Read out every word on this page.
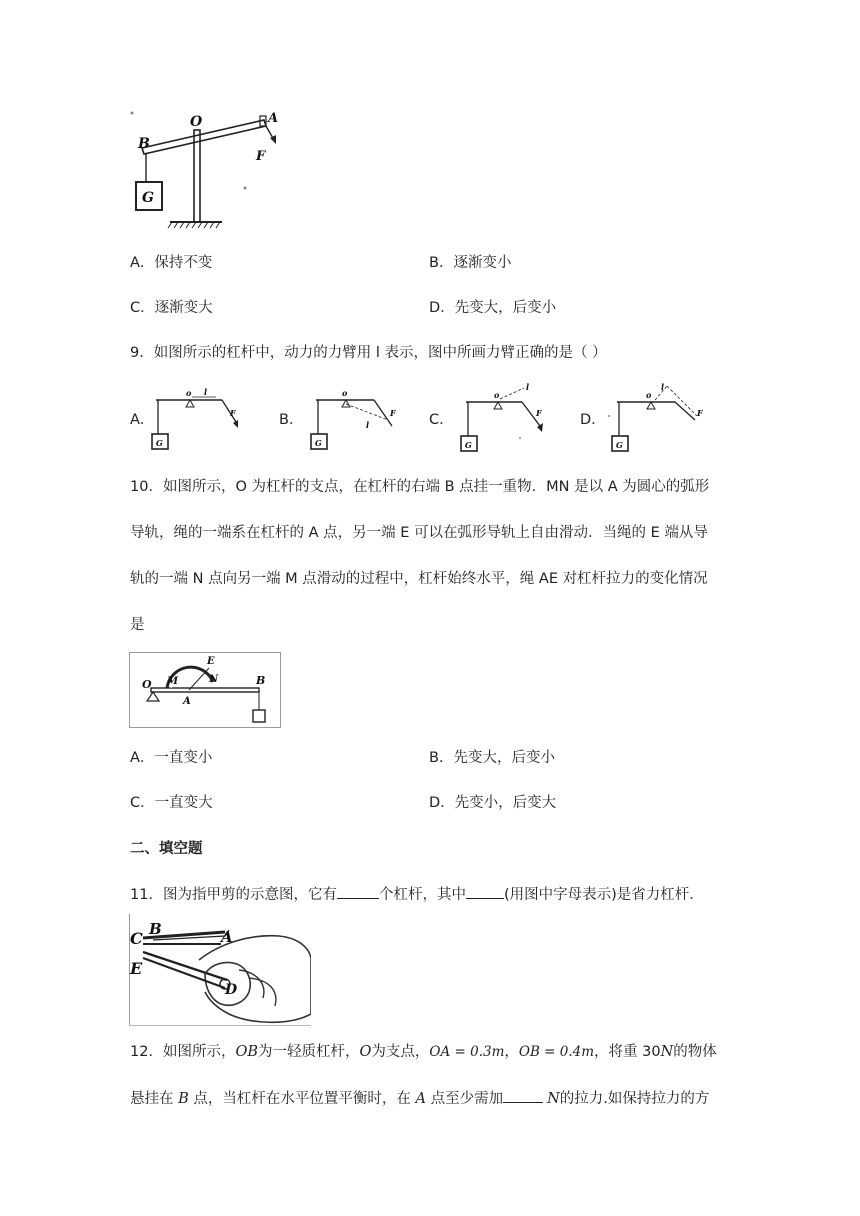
O	A
B
F
G
A．保持不变	B．逐渐变小
C．逐渐变大	D．先变大，后变小
9．如图所示的杠杆中，动力的力臂用 l 表示，图中所画力臂正确的是（ ）
A．
o l
F
G
B．
o
l
F
G
C．
o
l
F
G
D．
o
l
F
G
10．如图所示，O 为杠杆的支点，在杠杆的右端 B 点挂一重物．MN 是以 A 为圆心的弧形
导轨，绳的一端系在杠杆的 A 点，另一端 E 可以在弧形导轨上自由滑动．当绳的 E 端从导
轨的一端 N 点向另一端 M 点滑动的过程中，杠杆始终水平，绳 AE 对杠杆拉力的变化情况
是
O M	N
E
A
B
A．一直变小	B．先变大，后变小
C．一直变大	D．先变小，后变大
二、填空题
11．图为指甲剪的示意图，它有	个杠杆，其中	(用图中字母表示)是省力杠杆．
C B	A
E
D
12．如图所示，OB为一轻质杠杆，O为支点，OA = 0.3m，OB = 0.4m，将重 30N的物体
悬挂在 B 点，当杠杆在水平位置平衡时，在 A 点至少需加	N的拉力.如保持拉力的方
